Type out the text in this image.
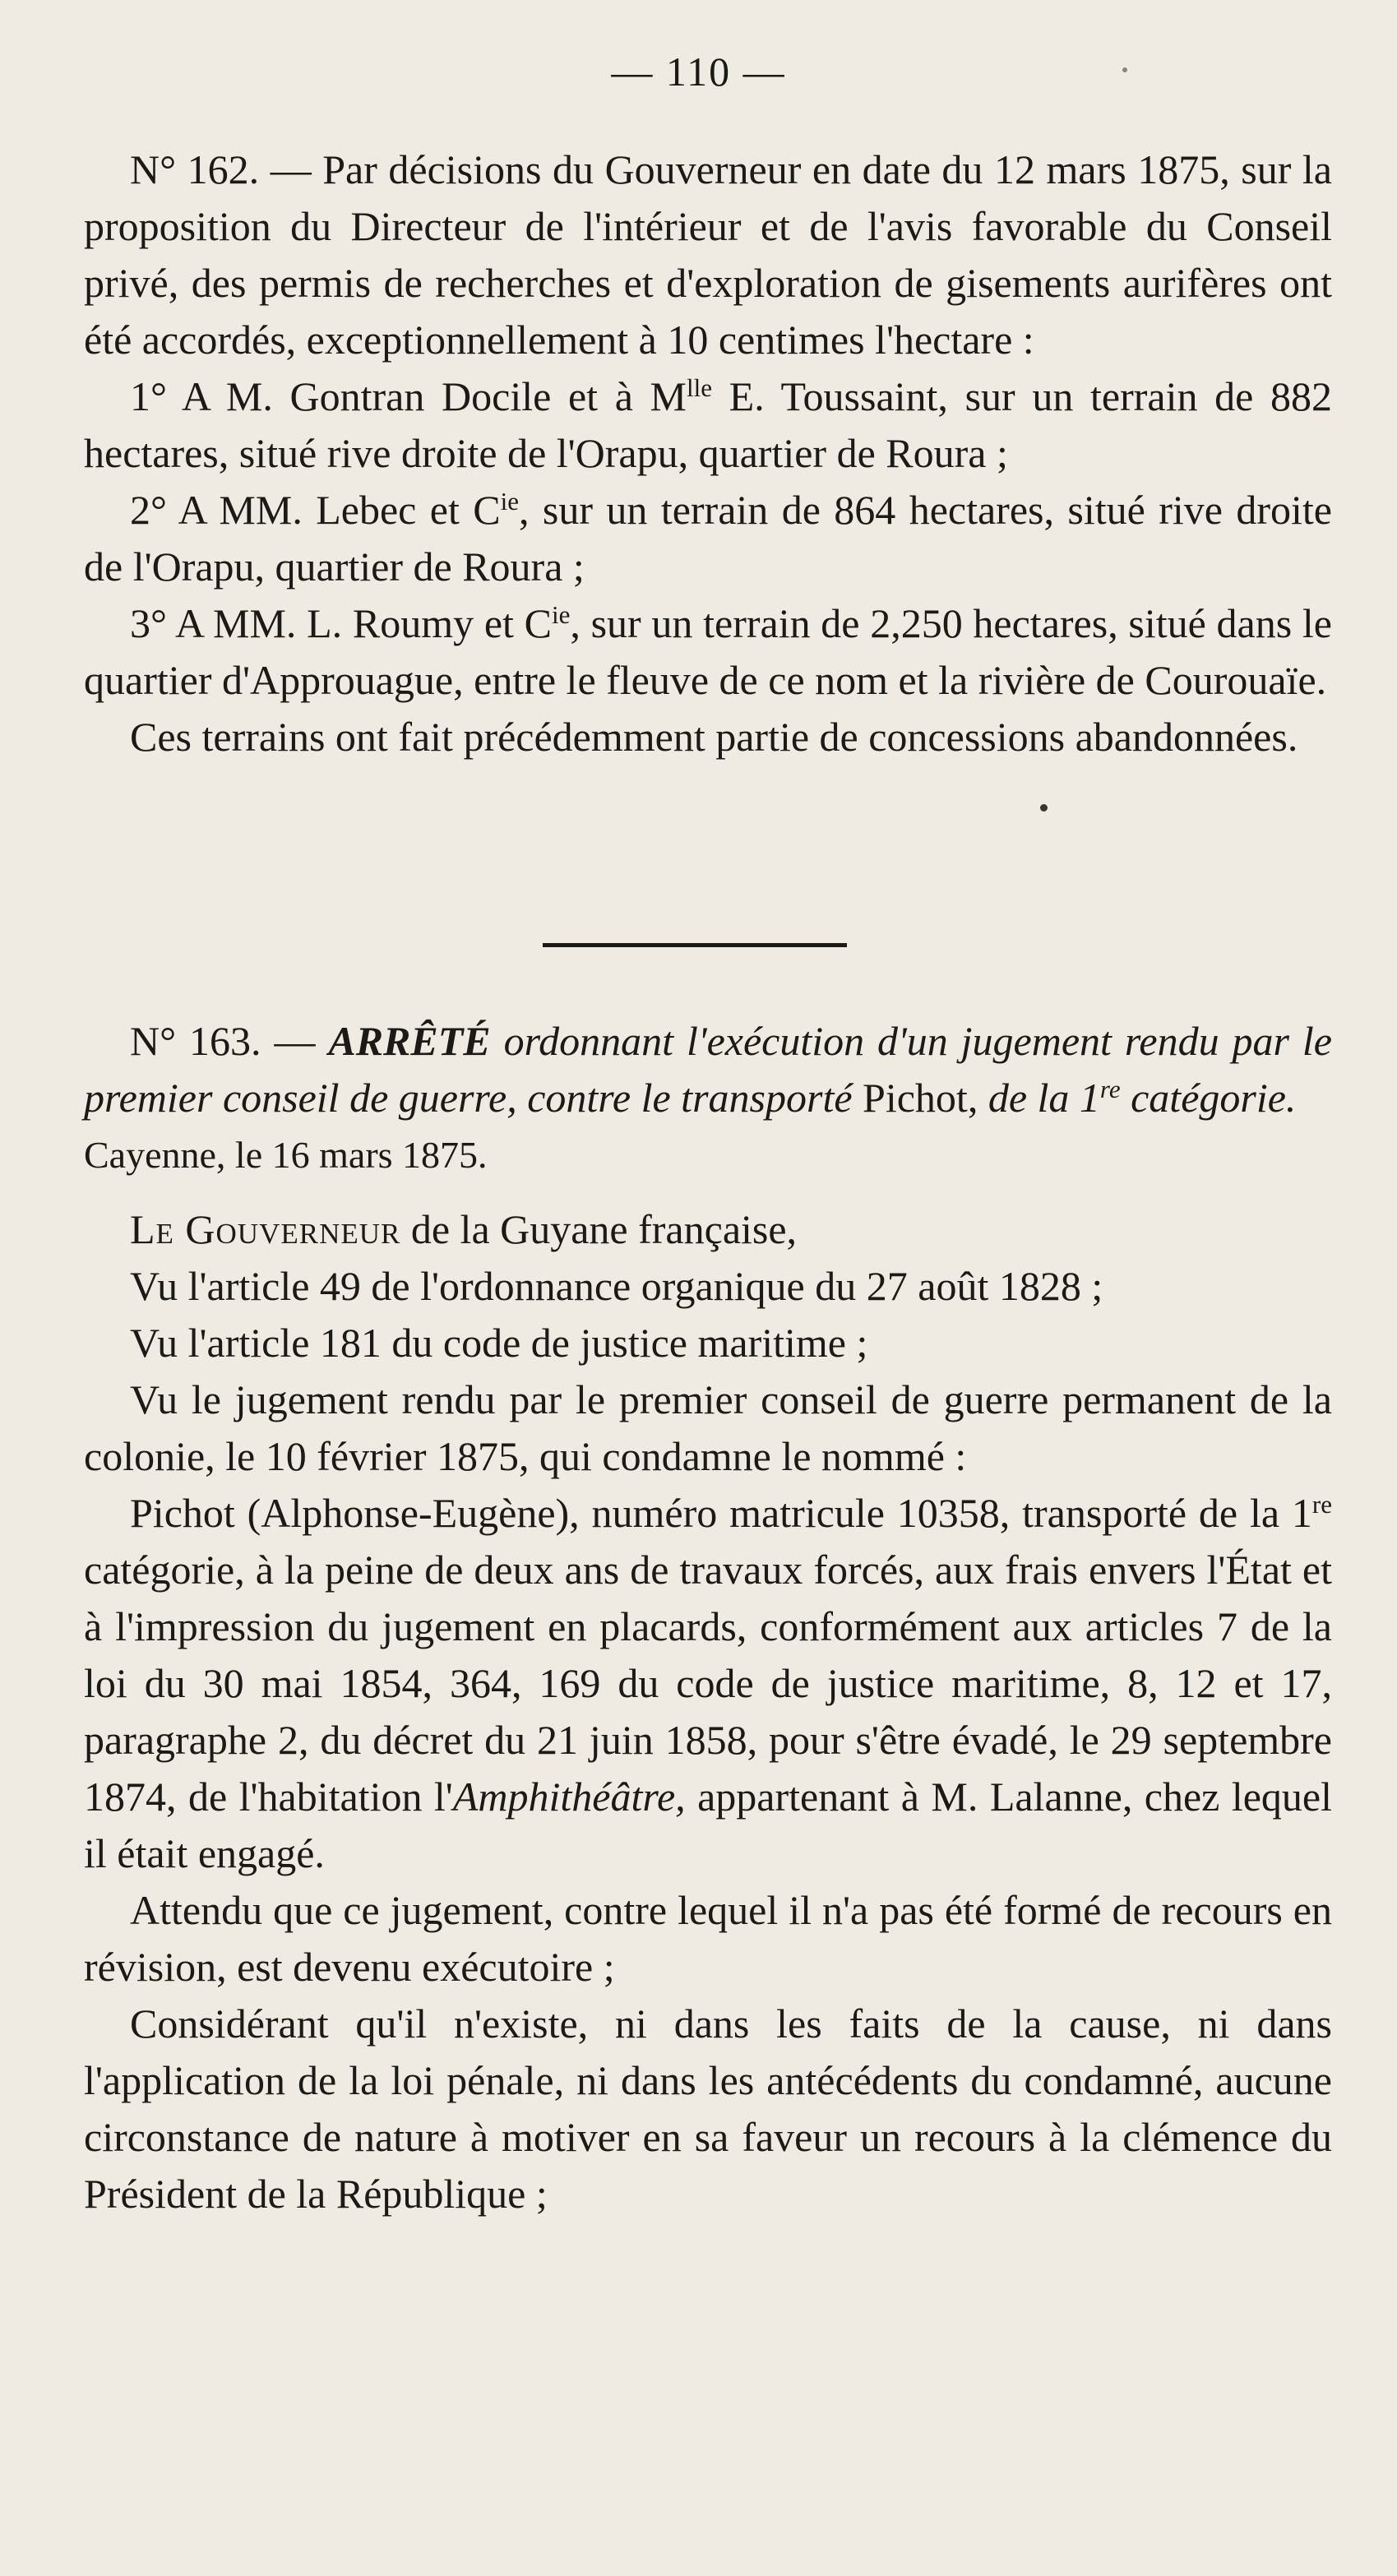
— 110 —

N° 162. — Par décisions du Gouverneur en date du 12 mars 1875, sur la proposition du Directeur de l'intérieur et de l'avis favorable du Conseil privé, des permis de recherches et d'exploration de gisements aurifères ont été accordés, exceptionnellement à 10 centimes l'hectare :

1° A M. Gontran Docile et à $M^{lle}$ E. Toussaint, sur un terrain de 882 hectares, situé rive droite de l'Orapu, quartier de Roura ;

2° A MM. Lebec et $C^{ie}$, sur un terrain de 864 hectares, situé rive droite de l'Orapu, quartier de Roura ;

3° A MM. L. Roumy et $C^{ie}$, sur un terrain de 2,250 hectares, situé dans le quartier d'Approuague, entre le fleuve de ce nom et la rivière de Courouaïe.

Ces terrains ont fait précédemment partie de concessions abandonnées.

N° 163. — ARRÊTÉ ordonnant l'exécution d'un jugement rendu par le premier conseil de guerre, contre le transporté Pichot, de la 1re catégorie.

Cayenne, le 16 mars 1875.

Le Gouverneur de la Guyane française,

Vu l'article 49 de l'ordonnance organique du 27 août 1828 ;

Vu l'article 181 du code de justice maritime ;

Vu le jugement rendu par le premier conseil de guerre permanent de la colonie, le 10 février 1875, qui condamne le nommé :

Pichot (Alphonse-Eugène), numéro matricule 10358, transporté de la 1re catégorie, à la peine de deux ans de travaux forcés, aux frais envers l'État et à l'impression du jugement en placards, conformément aux articles 7 de la loi du 30 mai 1854, 364, 169 du code de justice maritime, 8, 12 et 17, paragraphe 2, du décret du 21 juin 1858, pour s'être évadé, le 29 septembre 1874, de l'habitation l'Amphithéâtre, appartenant à M. Lalanne, chez lequel il était engagé.

Attendu que ce jugement, contre lequel il n'a pas été formé de recours en révision, est devenu exécutoire ;

Considérant qu'il n'existe, ni dans les faits de la cause, ni dans l'application de la loi pénale, ni dans les antécédents du condamné, aucune circonstance de nature à motiver en sa faveur un recours à la clémence du Président de la République ;
